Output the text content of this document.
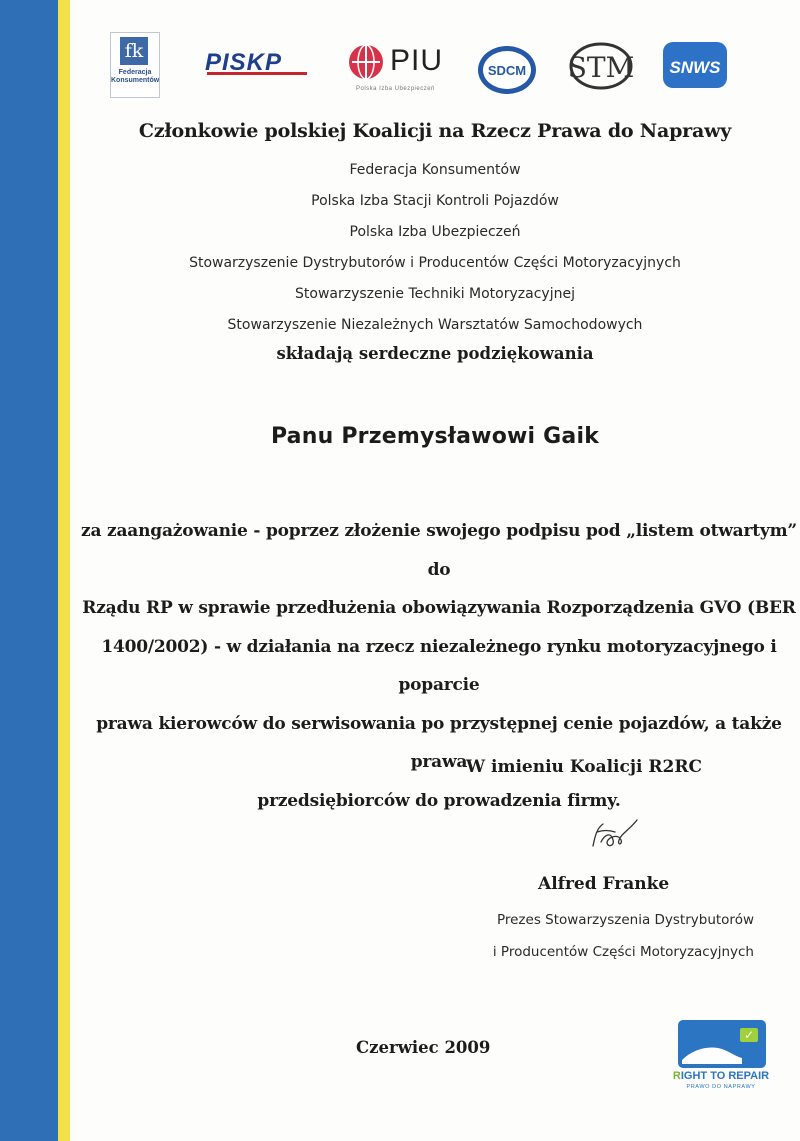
fk
Federacja Konsumentów
PISKP	PIU
Polska Izba Ubezpieczeń
SDCM STM	SNWS
Członkowie polskiej Koalicji na Rzecz Prawa do Naprawy
Federacja Konsumentów
Polska Izba Stacji Kontroli Pojazdów
Polska Izba Ubezpieczeń
Stowarzyszenie Dystrybutorów i Producentów Części Motoryzacyjnych
Stowarzyszenie Techniki Motoryzacyjnej
Stowarzyszenie Niezależnych Warsztatów Samochodowych
składają serdeczne podziękowania
Panu Przemysławowi Gaik
za zaangażowanie - poprzez złożenie swojego podpisu pod „listem otwartym” do
Rządu RP w sprawie przedłużenia obowiązywania Rozporządzenia GVO (BER
1400/2002) - w działania na rzecz niezależnego rynku motoryzacyjnego i poparcie
prawa kierowców do serwisowania po przystępnej cenie pojazdów, a także prawa
przedsiębiorców do prowadzenia firmy.
W imieniu Koalicji R2RC
Alfred Franke
Prezes Stowarzyszenia Dystrybutorów
i Producentów Części Motoryzacyjnych
Czerwiec 2009
✓
RIGHT TO REPAIR
PRAWO DO NAPRAWY
